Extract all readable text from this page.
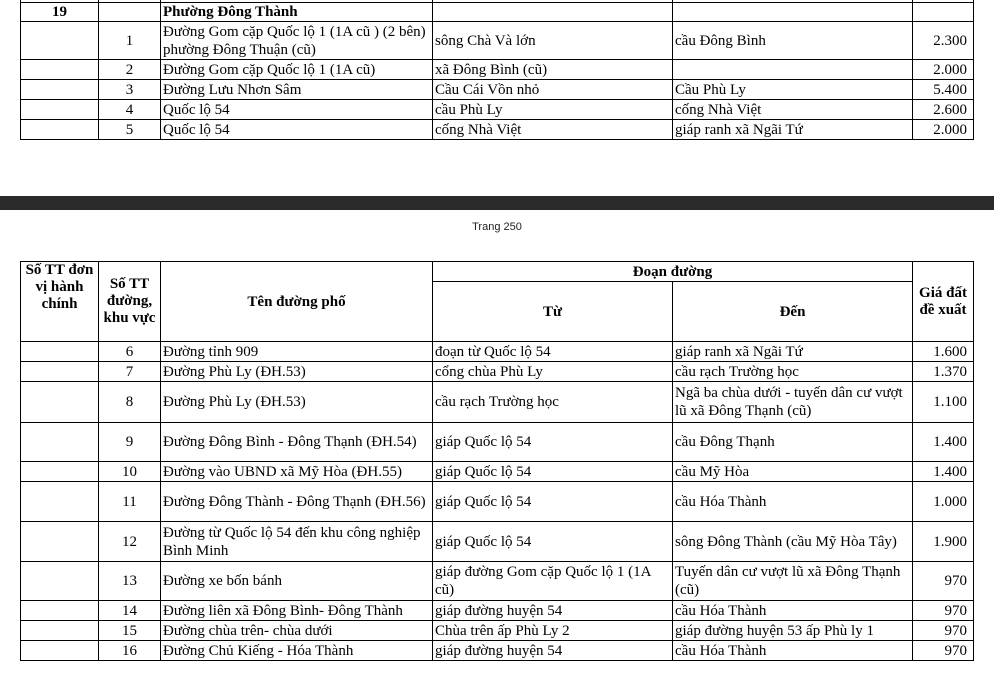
19		Phường Đông Thành			
	1	Đường Gom cặp Quốc lộ 1 (1A cũ ) (2 bên) phường Đông Thuận (cũ)	sông Chà Và lớn	cầu Đông Bình	2.300
	2	Đường Gom cặp Quốc lộ 1 (1A cũ)	xã Đông Bình (cũ)		2.000
	3	Đường Lưu Nhơn Sâm	Cầu Cái Vồn nhỏ	Cầu Phù Ly	5.400
	4	Quốc lộ 54	cầu Phù Ly	cống Nhà Việt	2.600
	5	Quốc lộ 54	cống Nhà Việt	giáp ranh xã Ngãi Tứ	2.000
Trang 250
Số TT đơn vị hành chính	Số TT đường, khu vực	Tên đường phố	Đoạn đường		Giá đất đề xuất
			Từ	Đến	
	6	Đường tỉnh 909	đoạn từ Quốc lộ 54	giáp ranh xã Ngãi Tứ	1.600
	7	Đường Phù Ly (ĐH.53)	cổng chùa Phù Ly	cầu rạch Trường học	1.370
	8	Đường Phù Ly (ĐH.53)	cầu rạch Trường học	Ngã ba chùa dưới - tuyến dân cư vượt lũ xã Đông Thạnh (cũ)	1.100
	9	Đường Đông Bình - Đông Thạnh (ĐH.54)	giáp Quốc lộ 54	cầu Đông Thạnh	1.400
	10	Đường vào UBND xã Mỹ Hòa (ĐH.55)	giáp Quốc lộ 54	cầu Mỹ Hòa	1.400
	11	Đường Đông Thành - Đông Thạnh (ĐH.56)	giáp Quốc lộ 54	cầu Hóa Thành	1.000
	12	Đường từ Quốc lộ 54 đến khu công nghiệp Bình Minh	giáp Quốc lộ 54	sông Đông Thành (cầu Mỹ Hòa Tây)	1.900
	13	Đường xe bốn bánh	giáp đường Gom cặp Quốc lộ 1 (1A cũ)	Tuyến dân cư vượt lũ xã Đông Thạnh (cũ)	970
	14	Đường liên xã Đông Bình- Đông Thành	giáp đường huyện 54	cầu Hóa Thành	970
	15	Đường chùa trên- chùa dưới	Chùa trên ấp Phù Ly 2	giáp đường huyện 53 ấp Phù ly 1	970
	16	Đường Chủ Kiếng - Hóa Thành	giáp đường huyện 54	cầu Hóa Thành	970
